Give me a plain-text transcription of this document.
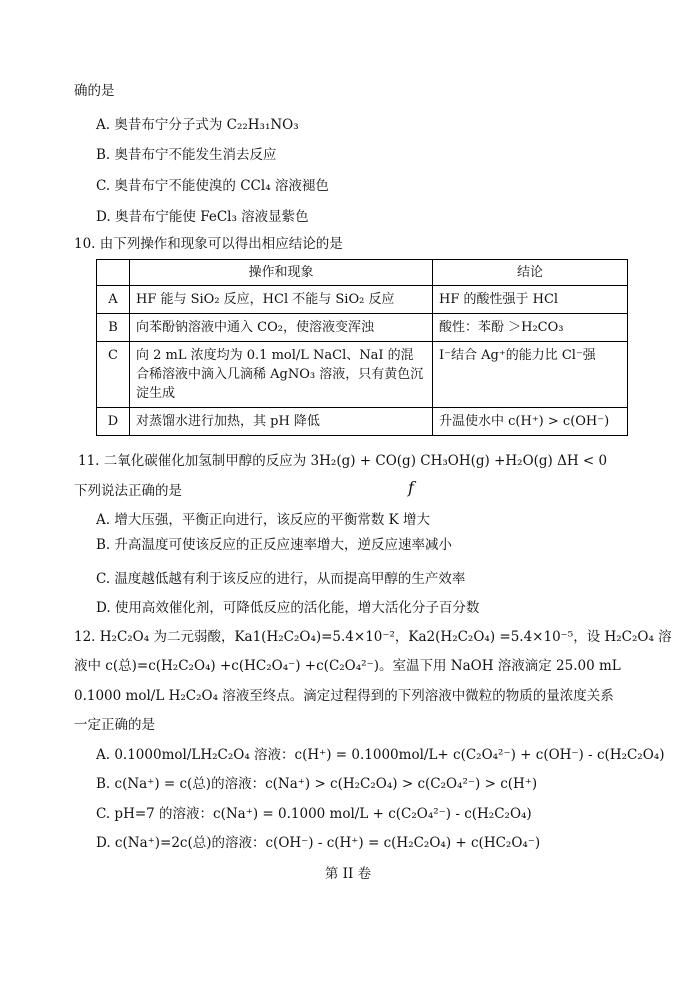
确的是
A. 奥昔布宁分子式为 C₂₂H₃₁NO₃
B. 奥昔布宁不能发生消去反应
C. 奥昔布宁不能使溴的 CCl₄ 溶液褪色
D. 奥昔布宁能使 FeCl₃ 溶液显紫色
10. 由下列操作和现象可以得出相应结论的是
	操作和现象	结论
A	HF 能与 SiO₂ 反应，HCl 不能与 SiO₂ 反应	HF 的酸性强于 HCl
B	向苯酚钠溶液中通入 CO₂，使溶液变浑浊	酸性：苯酚 ＞H₂CO₃
C	向 2 mL 浓度均为 0.1 mol/L NaCl、NaI 的混合稀溶液中滴入几滴稀 AgNO₃ 溶液，只有黄色沉淀生成	I⁻结合 Ag⁺的能力比 Cl⁻强
D	对蒸馏水进行加热，其 pH 降低	升温使水中 c(H⁺) > c(OH⁻)
11. 二氧化碳催化加氢制甲醇的反应为 3H₂(g) + CO(g) CH₃OH(g) +H₂O(g) ΔH < 0
下列说法正确的是	f
A. 增大压强，平衡正向进行，该反应的平衡常数 K 增大
B. 升高温度可使该反应的正反应速率增大，逆反应速率减小
C. 温度越低越有利于该反应的进行，从而提高甲醇的生产效率
D. 使用高效催化剂，可降低反应的活化能，增大活化分子百分数
12. H₂C₂O₄ 为二元弱酸，Ka1(H₂C₂O₄)=5.4×10⁻²，Ka2(H₂C₂O₄) =5.4×10⁻⁵，设 H₂C₂O₄ 溶
液中 c(总)=c(H₂C₂O₄) +c(HC₂O₄⁻) +c(C₂O₄²⁻)。室温下用 NaOH 溶液滴定 25.00 mL
0.1000 mol/L H₂C₂O₄ 溶液至终点。滴定过程得到的下列溶液中微粒的物质的量浓度关系
一定正确的是
A. 0.1000mol/LH₂C₂O₄ 溶液：c(H⁺) = 0.1000mol/L+ c(C₂O₄²⁻) + c(OH⁻) - c(H₂C₂O₄)
B. c(Na⁺) = c(总)的溶液：c(Na⁺) > c(H₂C₂O₄) > c(C₂O₄²⁻) > c(H⁺)
C. pH=7 的溶液：c(Na⁺) = 0.1000 mol/L + c(C₂O₄²⁻) - c(H₂C₂O₄)
D. c(Na⁺)=2c(总)的溶液：c(OH⁻) - c(H⁺) = c(H₂C₂O₄) + c(HC₂O₄⁻)
第 II 卷
